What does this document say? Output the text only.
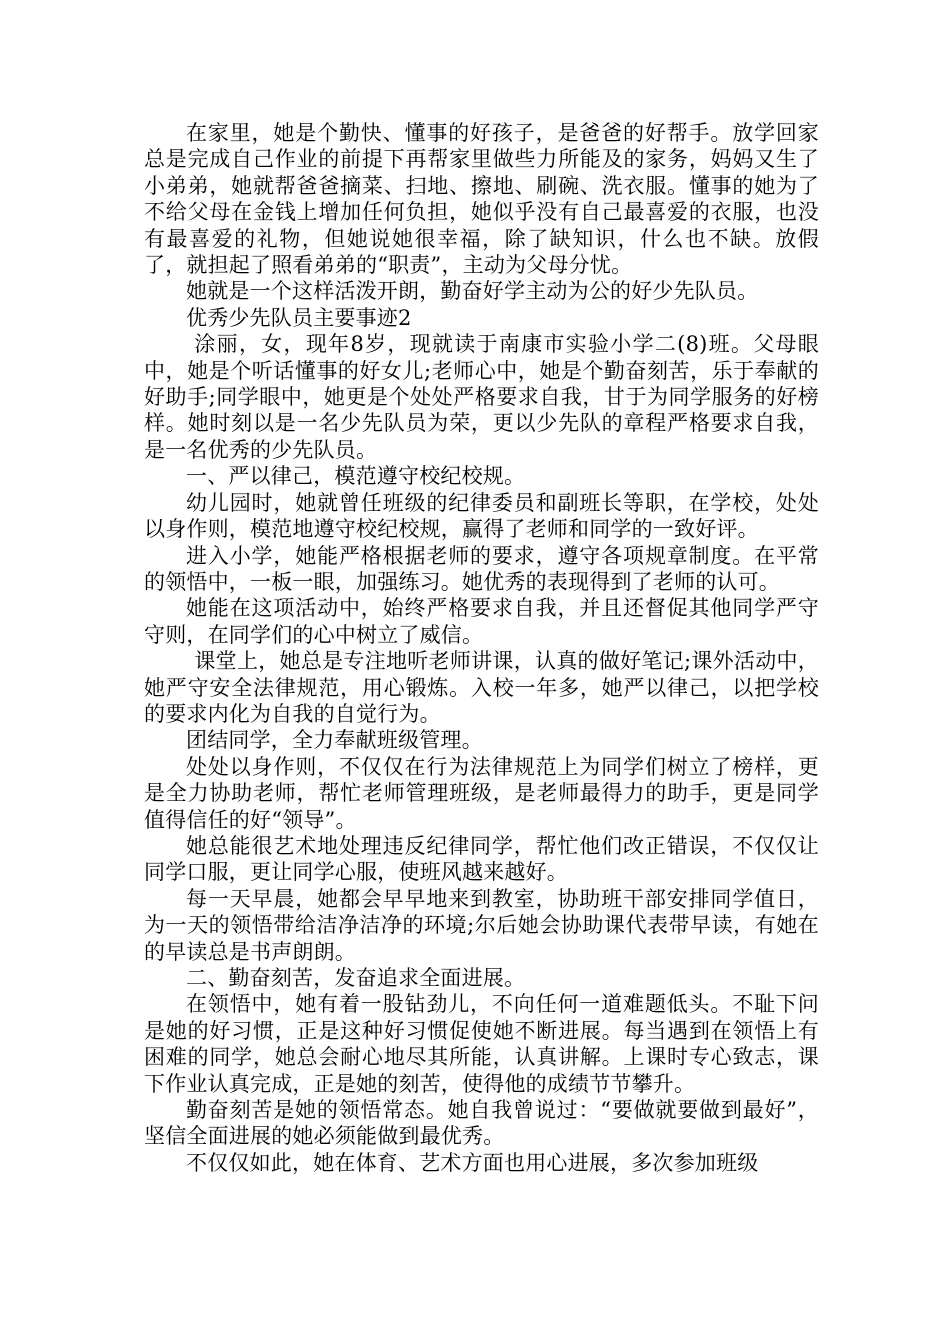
在家里，她是个勤快、懂事的好孩子，是爸爸的好帮手。放学回家总是完成自己作业的前提下再帮家里做些力所能及的家务，妈妈又生了小弟弟，她就帮爸爸摘菜、扫地、擦地、刷碗、洗衣服。懂事的她为了不给父母在金钱上增加任何负担，她似乎没有自己最喜爱的衣服，也没有最喜爱的礼物，但她说她很幸福，除了缺知识，什么也不缺。放假了，就担起了照看弟弟的“职责”，主动为父母分忧。

她就是一个这样活泼开朗，勤奋好学主动为公的好少先队员。

优秀少先队员主要事迹2

涂丽，女，现年8岁，现就读于南康市实验小学二(8)班。父母眼中，她是个听话懂事的好女儿;老师心中，她是个勤奋刻苦，乐于奉献的好助手;同学眼中，她更是个处处严格要求自我，甘于为同学服务的好榜样。她时刻以是一名少先队员为荣，更以少先队的章程严格要求自我，是一名优秀的少先队员。

一、严以律己，模范遵守校纪校规。

幼儿园时，她就曾任班级的纪律委员和副班长等职，在学校，处处以身作则，模范地遵守校纪校规，赢得了老师和同学的一致好评。

进入小学，她能严格根据老师的要求，遵守各项规章制度。在平常的领悟中，一板一眼，加强练习。她优秀的表现得到了老师的认可。

她能在这项活动中，始终严格要求自我，并且还督促其他同学严守守则，在同学们的心中树立了威信。

课堂上，她总是专注地听老师讲课，认真的做好笔记;课外活动中，她严守安全法律规范，用心锻炼。入校一年多，她严以律己，以把学校的要求内化为自我的自觉行为。

团结同学，全力奉献班级管理。

处处以身作则，不仅仅在行为法律规范上为同学们树立了榜样，更是全力协助老师，帮忙老师管理班级，是老师最得力的助手，更是同学值得信任的好“领导”。

她总能很艺术地处理违反纪律同学，帮忙他们改正错误，不仅仅让同学口服，更让同学心服，使班风越来越好。

每一天早晨，她都会早早地来到教室，协助班干部安排同学值日，为一天的领悟带给洁净洁净的环境;尔后她会协助课代表带早读，有她在的早读总是书声朗朗。

二、勤奋刻苦，发奋追求全面进展。

在领悟中，她有着一股钻劲儿，不向任何一道难题低头。不耻下问是她的好习惯，正是这种好习惯促使她不断进展。每当遇到在领悟上有困难的同学，她总会耐心地尽其所能，认真讲解。上课时专心致志，课下作业认真完成，正是她的刻苦，使得他的成绩节节攀升。

勤奋刻苦是她的领悟常态。她自我曾说过：“要做就要做到最好”，坚信全面进展的她必须能做到最优秀。

不仅仅如此，她在体育、艺术方面也用心进展，多次参加班级
